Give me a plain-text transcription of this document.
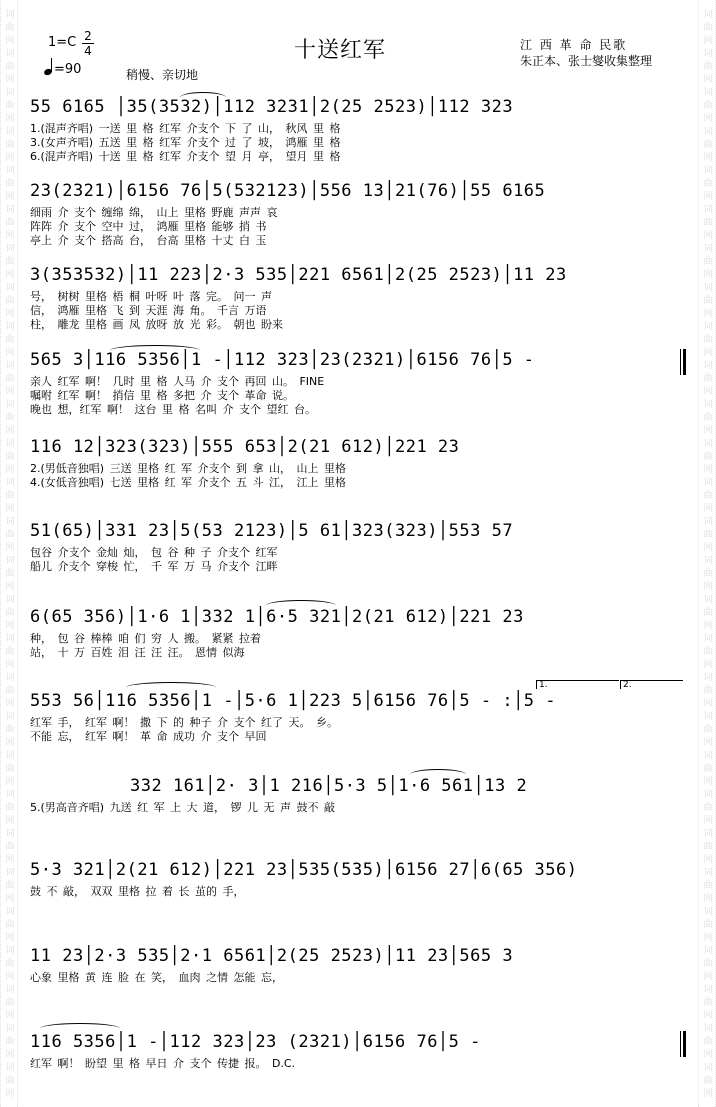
词
曲
网
词
曲
网
词
曲
网
词
曲
网
词
曲
网
词
曲
网
词
曲
网
词
曲
网
词
曲
网
词
曲
网
词
曲
网
词
曲
网
词
曲
网
词
曲
网
词
曲
网
词
曲
网
词
曲
网
词
曲
网
词
曲
网
词
曲
网
词
曲
网
词
曲
网
词
曲
网
词
曲
网
词
曲
网
词
曲
网
词
曲
网
词
曲
网
词
曲
网
词
曲
网
词
曲
网
词
曲
网
词
曲
网
词
曲
网
词
曲
网
词
曲
网
词
曲
网
词
曲
网
词
曲
网
词
曲
网
词
曲
网
词
曲
网
词
曲
网
词
曲
网
词
曲
网
词
曲
网
词
曲
网
词
曲
网
词
曲
网
词
曲
网
词
曲
网
词
曲
网
词
曲
网
词
曲
网
词
曲
网
词
曲
网
十送红军
1=C 2
4
=90	稍慢、亲切地
江 西 革 命 民歌
朱正本、张士燮收集整理
55 6165 │35(3532)│112 3231│2(25 2523)│112 323
1.(混声齐唱) 一送 里 格 红军 介支个 下 了 山， 秋风 里 格
3.(女声齐唱) 五送 里 格 红军 介支个 过 了 坡， 鸿雁 里 格
6.(混声齐唱) 十送 里 格 红军 介支个 望 月 亭， 望月 里 格
23(2321)│6156 76│5(532123)│556 13│21(76)│55 6165
细雨 介 支个 缠绵 绵， 山上 里格 野鹿 声声 哀
阵阵 介 支个 空中 过， 鸿雁 里格 能够 捎 书
亭上 介 支个 搭高 台， 台高 里格 十丈 白 玉
3(353532)│11 223│2·3 535│221 6561│2(25 2523)│11 23
号， 树树 里格 梧 桐 叶呀 叶 落 完。 问一 声
信， 鸿雁 里格 飞 到 天涯 海 角。 千言 万语
柱， 雕龙 里格 画 凤 放呀 放 光 彩。 朝也 盼来
565 3│116 5356│1 -│112 323│23(2321)│6156 76│5 -
亲人 红军 啊！ 几时 里 格 人马 介 支个 再回 山。 FINE
嘱咐 红军 啊！ 捎信 里 格 多把 介 支个 革命 说。
晚也 想，红军 啊！ 这台 里 格 名叫 介 支个 望红 台。
116 12│323(323)│555 653│2(21 612)│221 23
2.(男低音独唱) 三送 里格 红 军 介支个 到 拿 山， 山上 里格
4.(女低音独唱) 七送 里格 红 军 介支个 五 斗 江， 江上 里格
51(65)│331 23│5(53 2123)│5 61│323(323)│553 57
包谷 介支个 金灿 灿， 包 谷 种 子 介支个 红军
船儿 介支个 穿梭 忙， 千 军 万 马 介支个 江畔
6(65 356)│1·6 1│332 1│6·5 321│2(21 612)│221 23
种， 包 谷 棒棒 咱 们 穷 人 搬。 紧紧 拉着
站， 十 万 百姓 泪 汪 汪 汪。 恩情 似海
1.	2.
553 56│116 5356│1 -│5·6 1│223 5│6156 76│5 - :│5 -
红军 手， 红军 啊！ 撒 下 的 种子 介 支个 红了 天。 乡。
不能 忘， 红军 啊！ 革 命 成功 介 支个 早回
332 161│2· 3│1 216│5·3 5│1·6 561│13 2
5.(男高音齐唱) 九送 红 军 上 大 道， 锣 儿 无 声 鼓不 敲
5·3 321│2(21 612)│221 23│535(535)│6156 27│6(65 356)
鼓 不 敲， 双双 里格 拉 着 长 茧的 手，
11 23│2·3 535│2·1 6561│2(25 2523)│11 23│565 3
心象 里格 黄 连 脸 在 笑， 血肉 之情 怎能 忘，
116 5356│1 -│112 323│23 (2321)│6156 76│5 -
红军 啊！ 盼望 里 格 早日 介 支个 传捷 报。 D.C.
